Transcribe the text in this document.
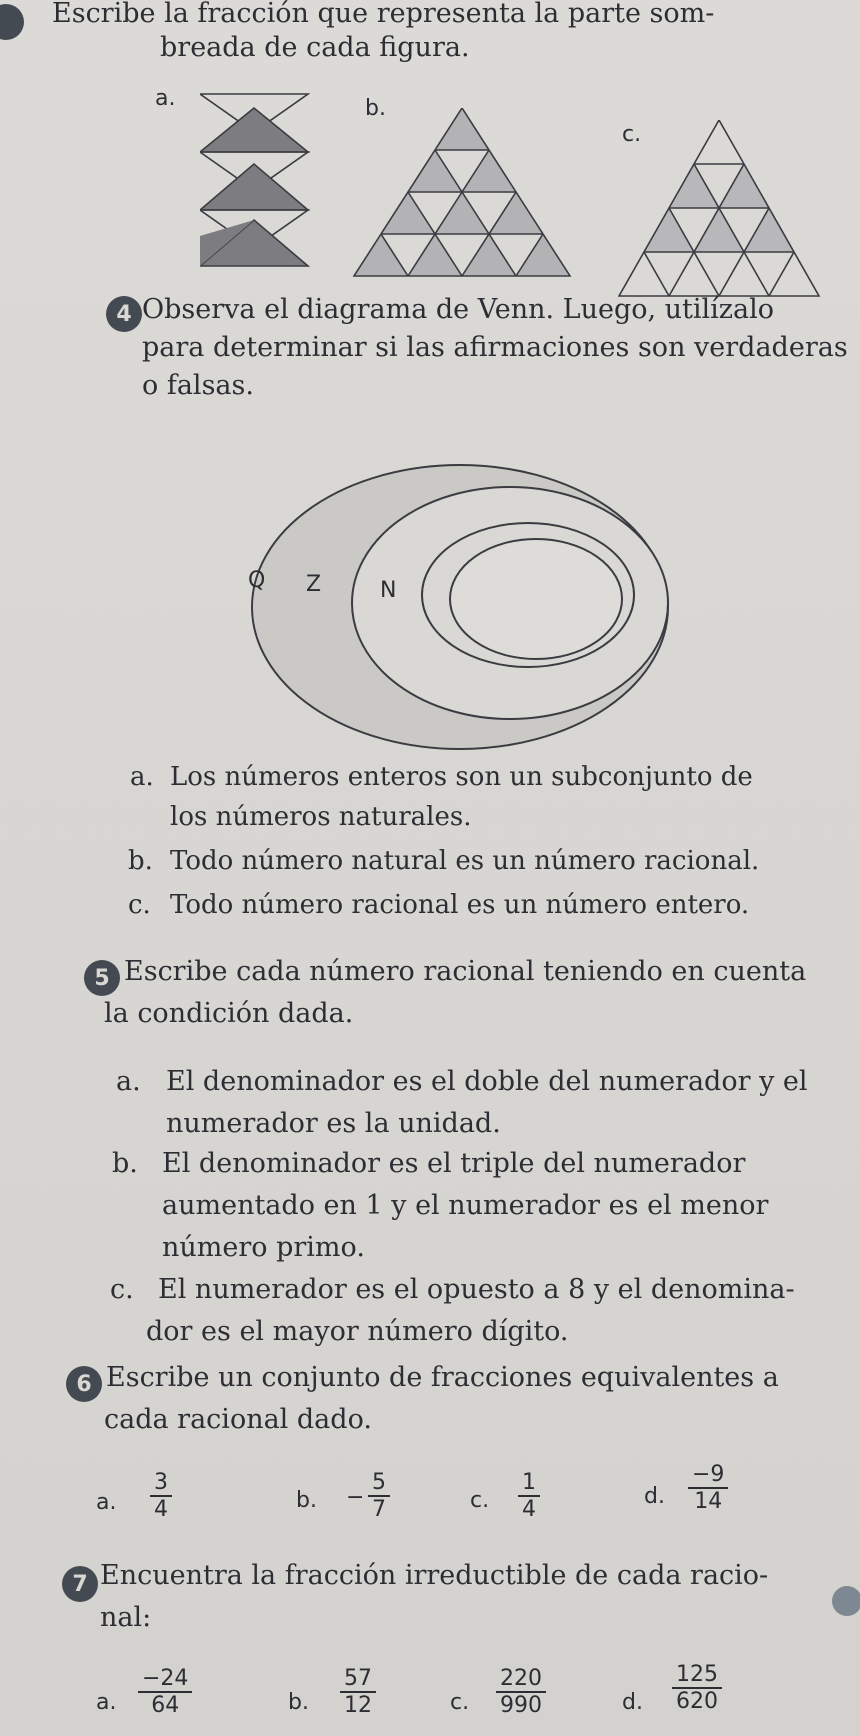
Escribe la fracción que representa la parte som-
breada de cada figura.
a.	b.
c.
4 Observa el diagrama de Venn. Luego, utilízalo
para determinar si las afirmaciones son verdaderas
o falsas.
Q Z	N
a. Los números enteros son un subconjunto de
los números naturales.
b. Todo número natural es un número racional.
c. Todo número racional es un número entero.
5 Escribe cada número racional teniendo en cuenta
la condición dada.
a. El denominador es el doble del numerador y el
numerador es la unidad.
b. El denominador es el triple del numerador
aumentado en 1 y el numerador es el menor
número primo.
c. El numerador es el opuesto a 8 y el denomina-
dor es el mayor número dígito.
6 Escribe un conjunto de fracciones equivalentes a
cada racional dado.
a. $\frac{3}{4}$	b. − $\frac{5}{7}$	c. $\frac{1}{4}$	d. $\frac{-9}{14}$
7 Encuentra la fracción irreductible de cada racio-
nal:
a. $\frac{-24}{64}$	b. $\frac{57}{12}$	c. $\frac{220}{990}$	d. $\frac{125}{620}$
